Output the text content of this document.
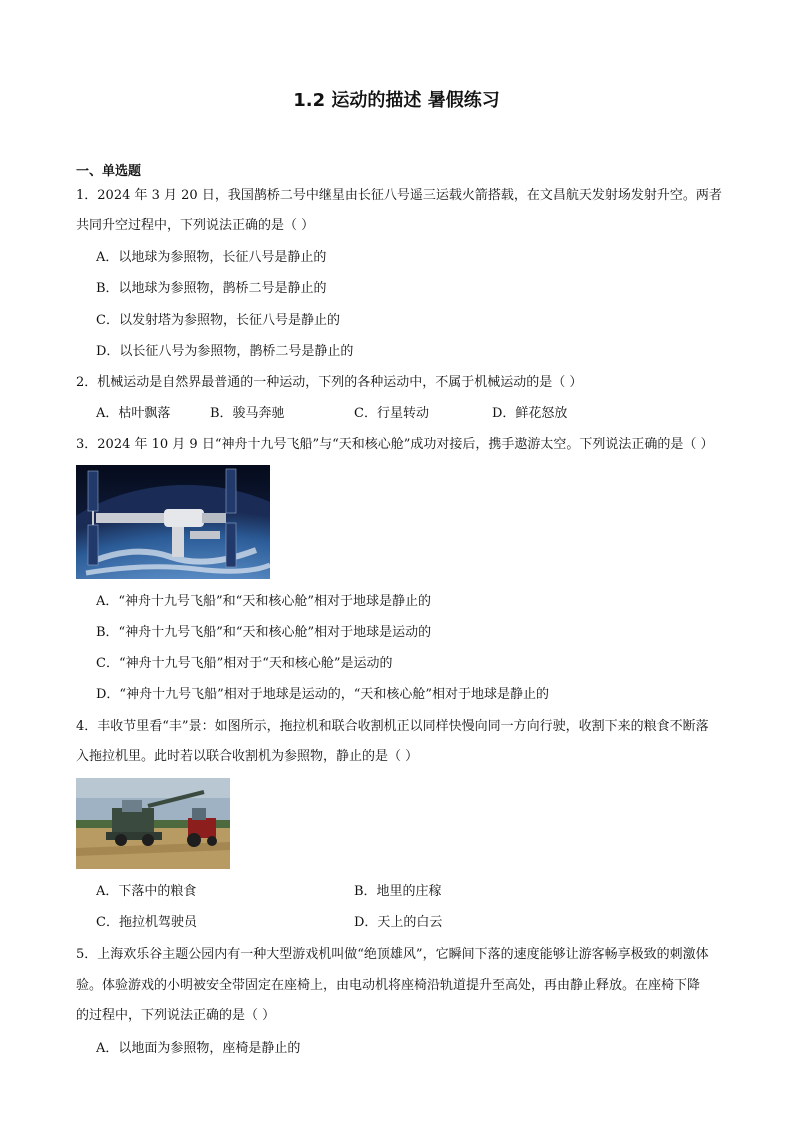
1.2 运动的描述 暑假练习
一、单选题
1．2024 年 3 月 20 日，我国鹊桥二号中继星由长征八号遥三运载火箭搭载，在文昌航天发射场发射升空。两者
共同升空过程中，下列说法正确的是（ ）
A．以地球为参照物，长征八号是静止的
B．以地球为参照物，鹊桥二号是静止的
C．以发射塔为参照物，长征八号是静止的
D．以长征八号为参照物，鹊桥二号是静止的
2．机械运动是自然界最普通的一种运动，下列的各种运动中，不属于机械运动的是（ ）
A．枯叶飘落	B．骏马奔驰	C．行星转动	D．鲜花怒放
3．2024 年 10 月 9 日“神舟十九号飞船”与“天和核心舱”成功对接后，携手遨游太空。下列说法正确的是（ ）
A．“神舟十九号飞船”和“天和核心舱”相对于地球是静止的
B．“神舟十九号飞船”和“天和核心舱”相对于地球是运动的
C．“神舟十九号飞船”相对于“天和核心舱”是运动的
D．“神舟十九号飞船”相对于地球是运动的，“天和核心舱”相对于地球是静止的
4．丰收节里看“丰”景：如图所示，拖拉机和联合收割机正以同样快慢向同一方向行驶，收割下来的粮食不断落
入拖拉机里。此时若以联合收割机为参照物，静止的是（ ）
A．下落中的粮食	B．地里的庄稼
C．拖拉机驾驶员	D．天上的白云
5．上海欢乐谷主题公园内有一种大型游戏机叫做“绝顶雄风”，它瞬间下落的速度能够让游客畅享极致的刺激体
验。体验游戏的小明被安全带固定在座椅上，由电动机将座椅沿轨道提升至高处，再由静止释放。在座椅下降
的过程中，下列说法正确的是（ ）
A．以地面为参照物，座椅是静止的
